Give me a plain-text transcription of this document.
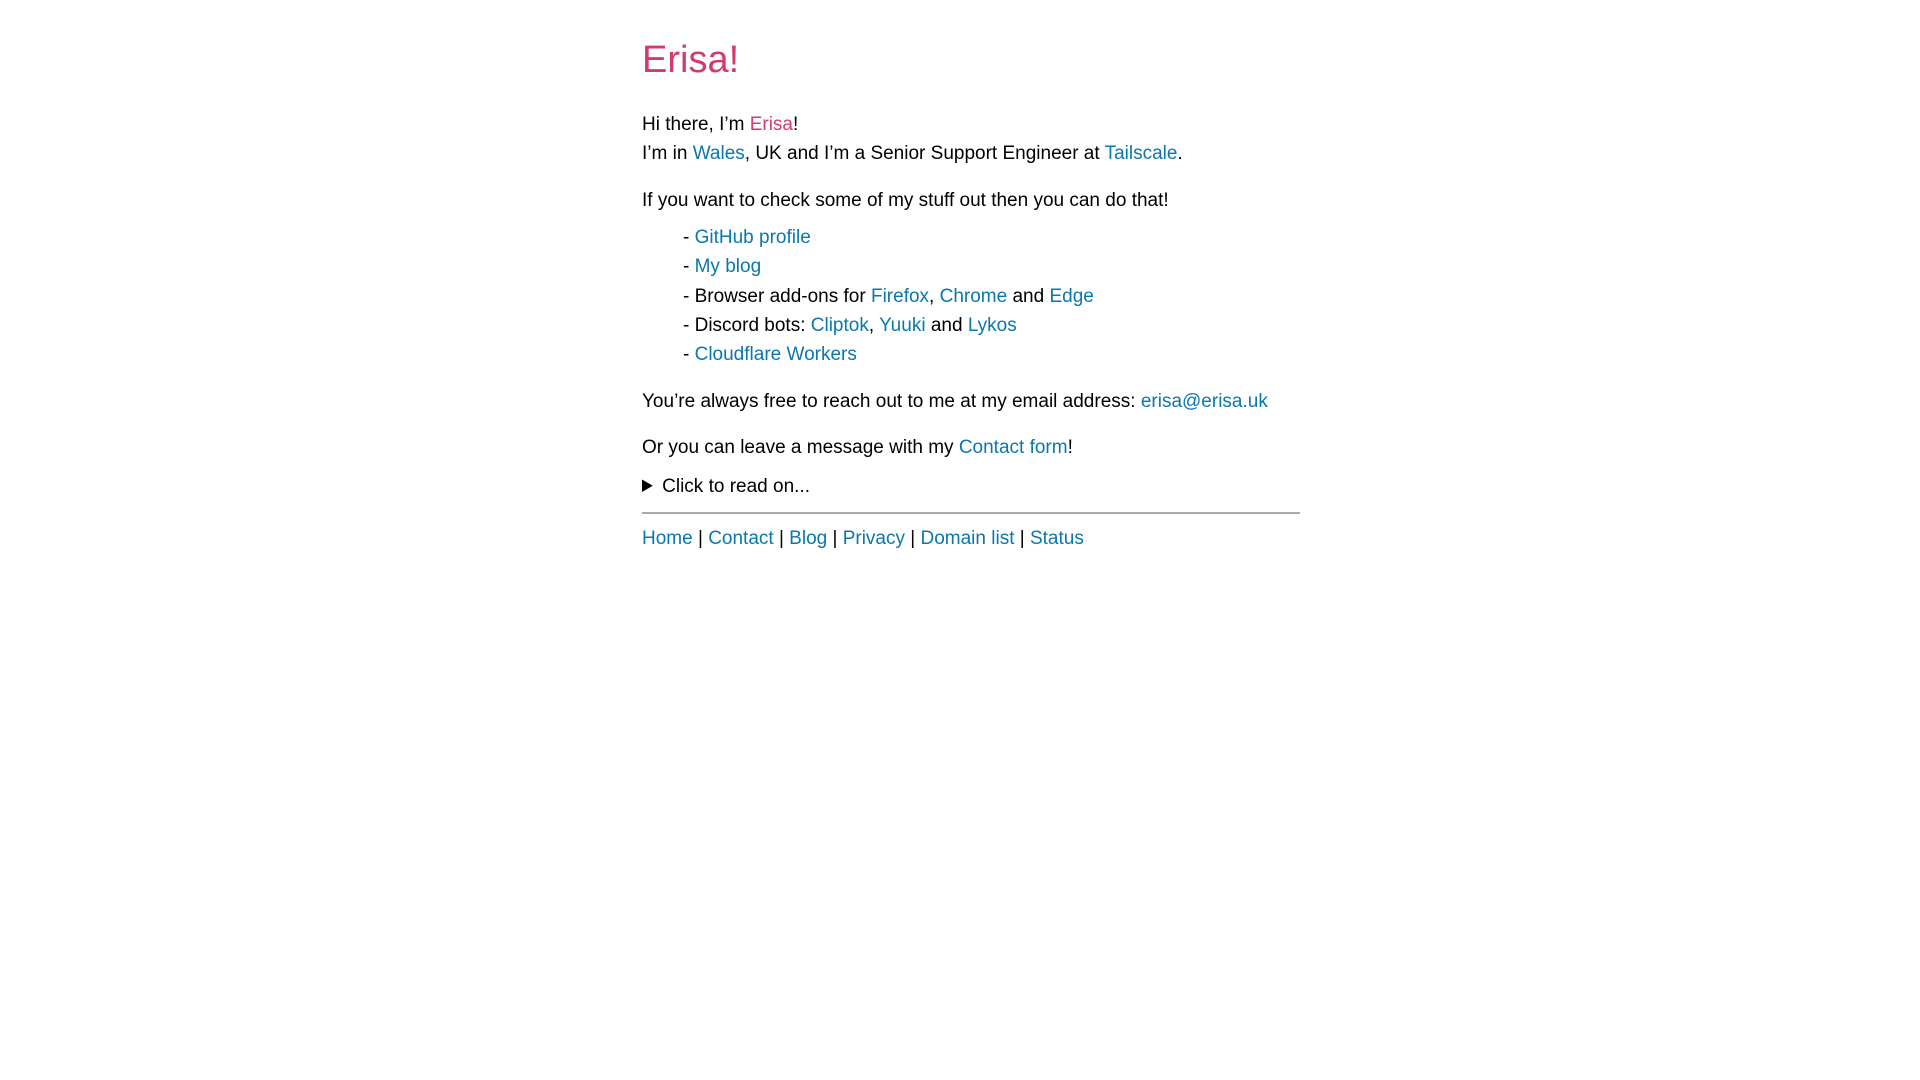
Erisa!

Hi there, I’m Erisa!

I’m in Wales, UK and I’m a Senior Support Engineer at Tailscale.

If you want to check some of my stuff out then you can do that!

- GitHub profile
- My blog
- Browser add-ons for Firefox, Chrome and Edge
- Discord bots: Cliptok, Yuuki and Lykos
- Cloudflare Workers

You’re always free to reach out to me at my email address: erisa@erisa.uk

Or you can leave a message with my Contact form!

Click to read on...
Home | Contact | Blog | Privacy | Domain list | Status
